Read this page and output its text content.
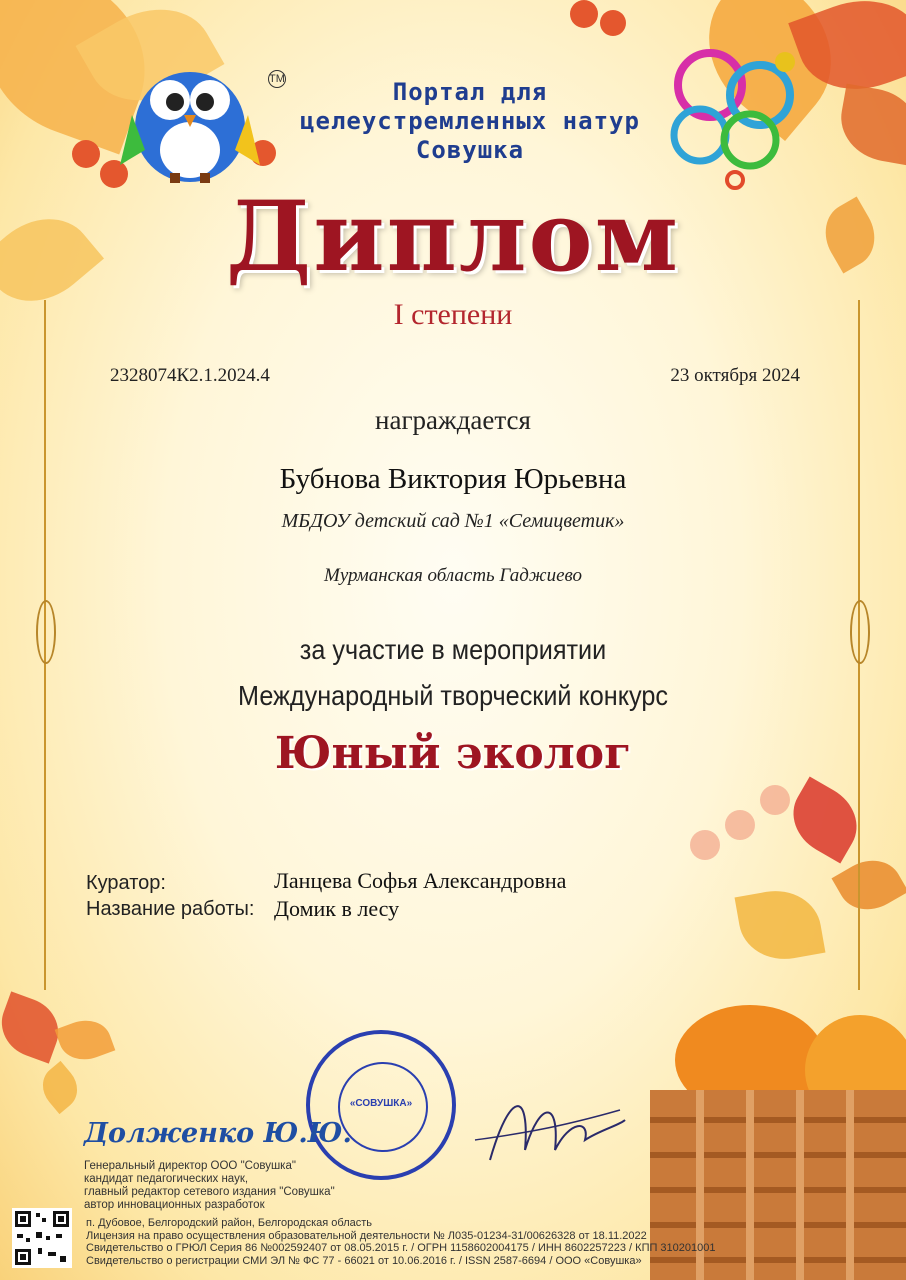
TM	Портал для
целеустремленных натур
Совушка
Диплом
I степени
2328074К2.1.2024.4	23 октября 2024
награждается
Бубнова Виктория Юрьевна
МБДОУ детский сад №1 «Семицветик»
Мурманская область Гаджиево
за участие в мероприятии
Международный творческий конкурс
Юный эколог
Куратор:	Ланцева Софья Александровна
Название работы: Домик в лесу
«СОВУШКА»
Долженко Ю.Ю.
Генеральный директор ООО "Совушка"
кандидат педагогических наук,
главный редактор сетевого издания "Совушка"
автор инновационных разработок
п. Дубовое, Белгородский район, Белгородская область
Лицензия на право осуществления образовательной деятельности № Л035-01234-31/00626328 от 18.11.2022
Свидетельство о ГРЮЛ Серия 86 №002592407 от 08.05.2015 г. / ОГРН 1158602004175 / ИНН 8602257223 / КПП 310201001
Свидетельство о регистрации СМИ ЭЛ № ФС 77 - 66021 от 10.06.2016 г. / ISSN 2587-6694 / ООО «Совушка»
